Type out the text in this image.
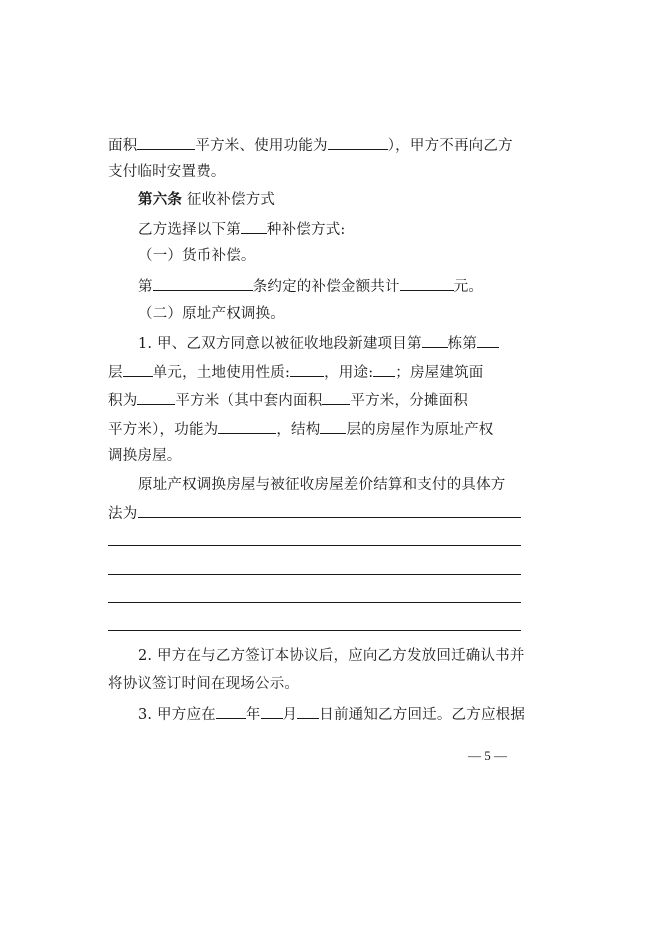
面积	平方米、使用功能为	），甲方不再向乙方
支付临时安置费。
第六条 征收补偿方式
乙方选择以下第 种补偿方式:
（一）货币补偿。
第	条约定的补偿金额共计	元。
（二）原址产权调换。
1. 甲、乙双方同意以被征收地段新建项目第 栋第
层 单元，土地使用性质: ，用途: ；房屋建筑面
积为	平方米（其中套内面积 平方米，分摊面积
平方米），功能为	，结构 层的房屋作为原址产权
调换房屋。
原址产权调换房屋与被征收房屋差价结算和支付的具体方
法为
2. 甲方在与乙方签订本协议后，应向乙方发放回迁确认书并
将协议签订时间在现场公示。
3. 甲方应在 年 月 日前通知乙方回迁。乙方应根据
— 5 —
